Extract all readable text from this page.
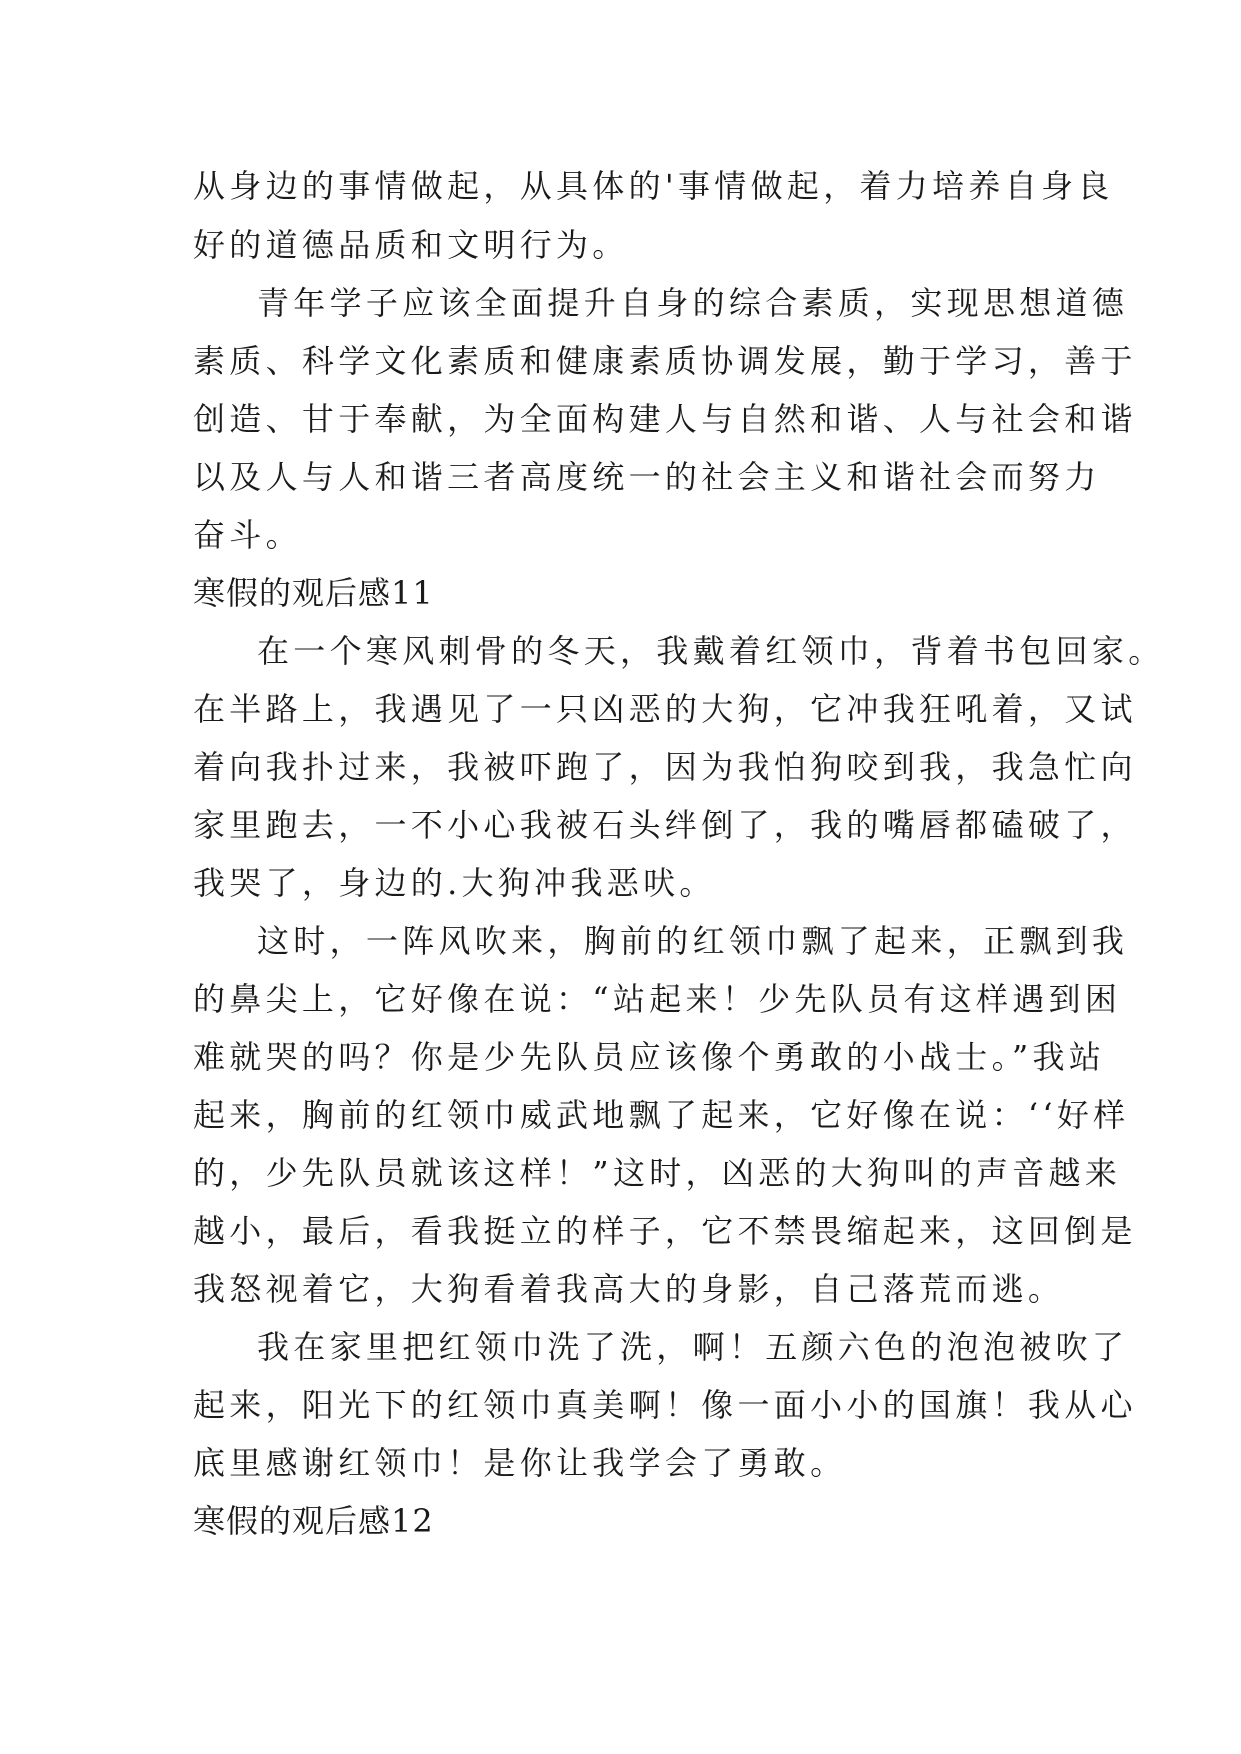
从身边的事情做起，从具体的'事情做起，着力培养自身良
好的道德品质和文明行为。
青年学子应该全面提升自身的综合素质，实现思想道德
素质、科学文化素质和健康素质协调发展，勤于学习，善于
创造、甘于奉献，为全面构建人与自然和谐、人与社会和谐
以及人与人和谐三者高度统一的社会主义和谐社会而努力
奋斗。
寒假的观后感11
在一个寒风刺骨的冬天，我戴着红领巾，背着书包回家。
在半路上，我遇见了一只凶恶的大狗，它冲我狂吼着，又试
着向我扑过来，我被吓跑了，因为我怕狗咬到我，我急忙向
家里跑去，一不小心我被石头绊倒了，我的嘴唇都磕破了，
我哭了，身边的.大狗冲我恶吠。
这时，一阵风吹来，胸前的红领巾飘了起来，正飘到我
的鼻尖上，它好像在说：“站起来！少先队员有这样遇到困
难就哭的吗？你是少先队员应该像个勇敢的小战士。”我站
起来，胸前的红领巾威武地飘了起来，它好像在说：‘‘好样
的，少先队员就该这样！”这时，凶恶的大狗叫的声音越来
越小，最后，看我挺立的样子，它不禁畏缩起来，这回倒是
我怒视着它，大狗看着我高大的身影，自己落荒而逃。
我在家里把红领巾洗了洗，啊！五颜六色的泡泡被吹了
起来，阳光下的红领巾真美啊！像一面小小的国旗！我从心
底里感谢红领巾！是你让我学会了勇敢。
寒假的观后感12
